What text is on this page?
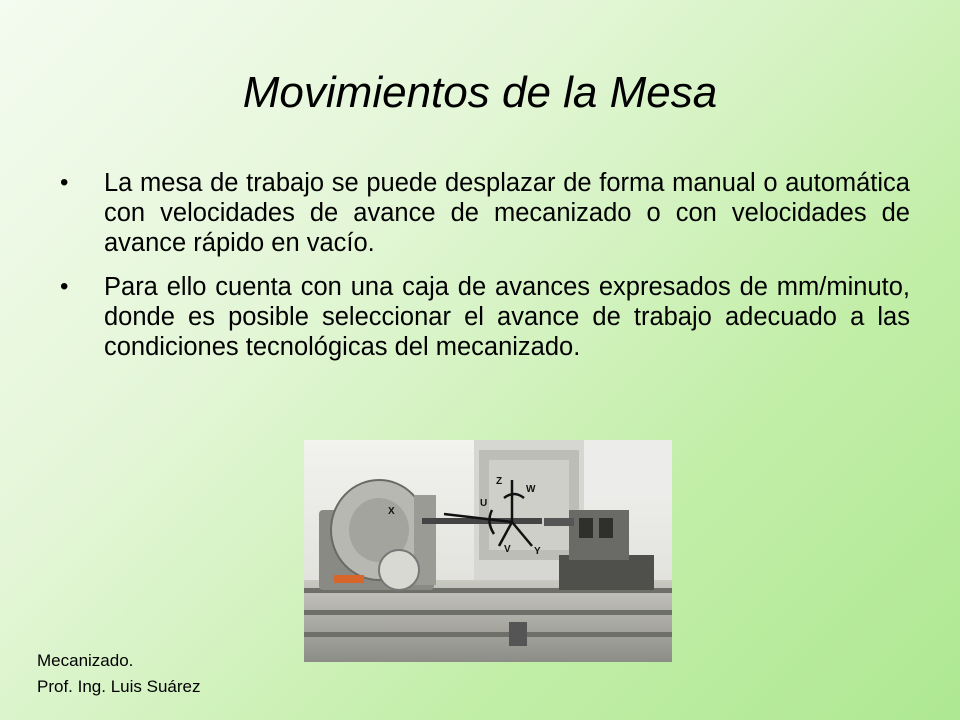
Movimientos de la Mesa
• La mesa de trabajo se puede desplazar de forma manual o automática con velocidades de avance de mecanizado o con velocidades de avance rápido en vacío.
• Para ello cuenta con una caja de avances expresados de mm/minuto, donde es posible seleccionar el avance de trabajo adecuado a las condiciones tecnológicas del mecanizado.
Z
W
U
X
V Y
Mecanizado.
Prof. Ing. Luis Suárez
